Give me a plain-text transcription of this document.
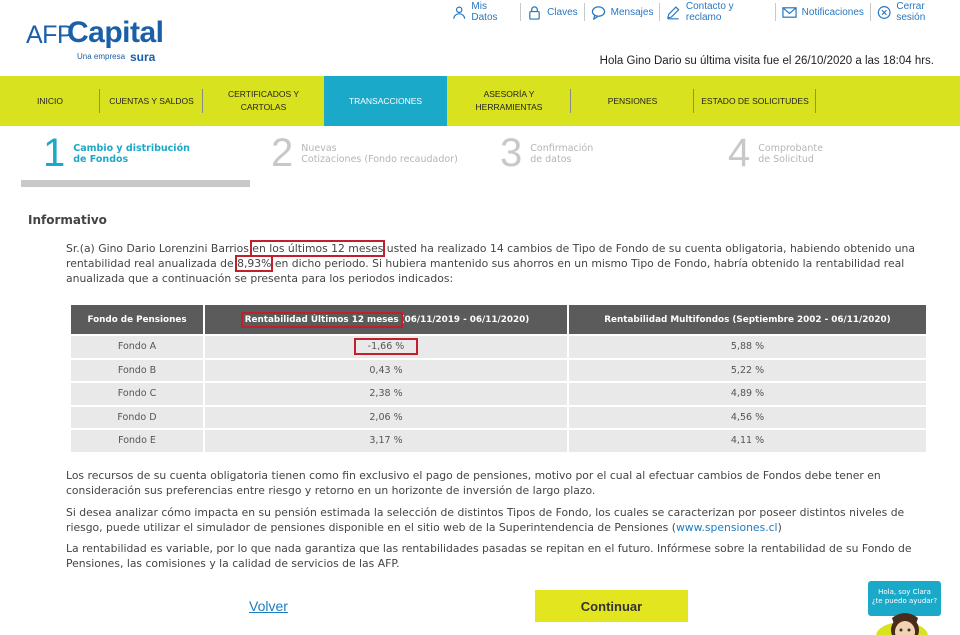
AFP
Capital
Una empresa sura
Mis Datos	Claves	Mensajes	Contacto y reclamo	Notificaciones	Cerrar sesión
Hola Gino Dario su última visita fue el 26/10/2020 a las 18:04 hrs.
INICIO	CUENTAS Y SALDOS
CERTIFICADOS Y
CARTOLAS
TRANSACCIONES
ASESORÍA Y
HERRAMIENTAS
PENSIONES	ESTADO DE SOLICITUDES
1 Cambio y distribución
de Fondos	2 Nuevas
Cotizaciones (Fondo recaudador) 3 Confirmación
de datos	4 Comprobante
de Solicitud
Informativo

Sr.(a) Gino Dario Lorenzini Barrios,en los últimos 12 meses usted ha realizado 14 cambios de Tipo de Fondo de su cuenta obligatoria, habiendo obtenido una rentabilidad real anualizada de 8,93% en dicho periodo. Si hubiera mantenido sus ahorros en un mismo Tipo de Fondo, habría obtenido la rentabilidad real anualizada que a continuación se presenta para los periodos indicados:

Fondo de Pensiones	Rentabilidad Últimos 12 meses (06/11/2019 - 06/11/2020)	Rentabilidad Multifondos (Septiembre 2002 - 06/11/2020)
Fondo A	-1,66 %	5,88 %
Fondo B	0,43 %	5,22 %
Fondo C	2,38 %	4,89 %
Fondo D	2,06 %	4,56 %
Fondo E	3,17 %	4,11 %

Los recursos de su cuenta obligatoria tienen como fin exclusivo el pago de pensiones, motivo por el cual al efectuar cambios de Fondos debe tener en consideración sus preferencias entre riesgo y retorno en un horizonte de inversión de largo plazo.

Si desea analizar cómo impacta en su pensión estimada la selección de distintos Tipos de Fondo, los cuales se caracterizan por poseer distintos niveles de riesgo, puede utilizar el simulador de pensiones disponible en el sitio web de la Superintendencia de Pensiones (www.spensiones.cl)

La rentabilidad es variable, por lo que nada garantiza que las rentabilidades pasadas se repitan en el futuro. Infórmese sobre la rentabilidad de su Fondo de Pensiones, las comisiones y la calidad de servicios de las AFP.

Volver	Continuar
Hola, soy Clara
¿te puedo ayudar?
